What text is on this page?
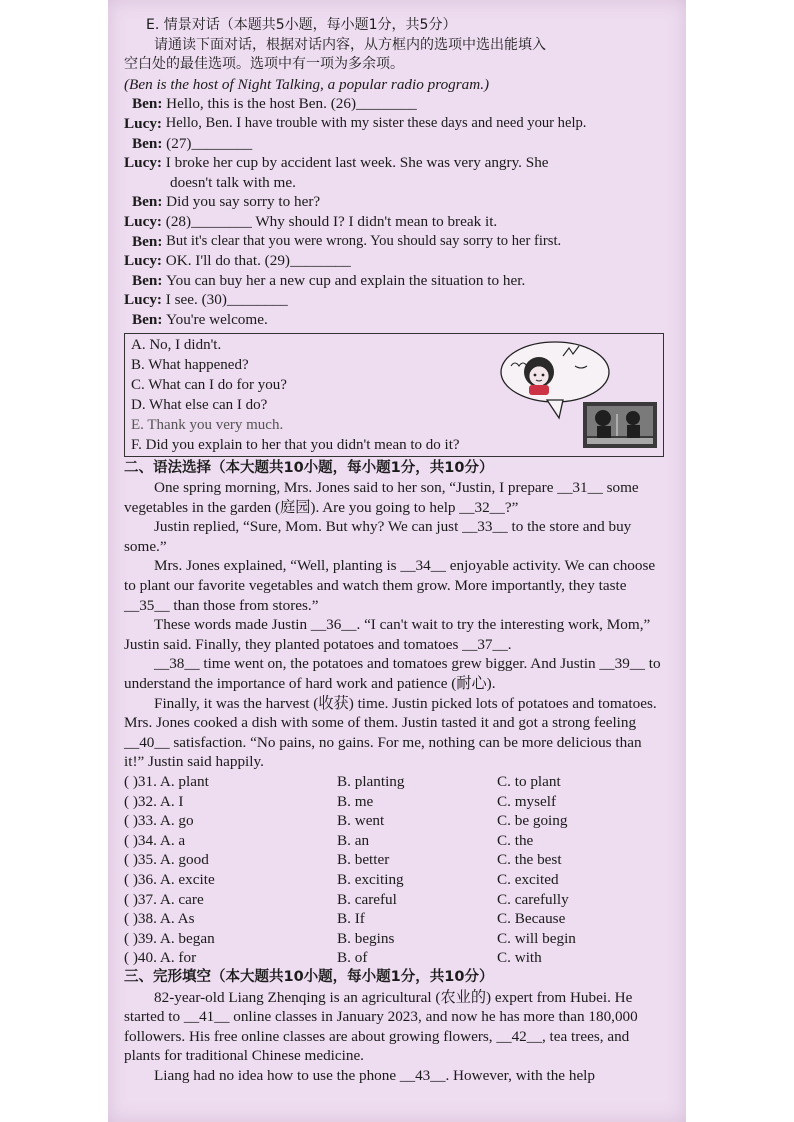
E. 情景对话（本题共5小题，每小题1分，共5分）

请通读下面对话，根据对话内容，从方框内的选项中选出能填入

空白处的最佳选项。选项中有一项为多余项。

(Ben is the host of Night Talking, a popular radio program.)

Ben:
Hello, this is the host Ben. (26)________
Lucy:
Hello, Ben. I have trouble with my sister these days and need your help.
Ben:
(27)________
Lucy:
I broke her cup by accident last week. She was very angry. She

doesn't talk with me.

Ben:
Did you say sorry to her?
Lucy:
(28)________ Why should I? I didn't mean to break it.
Ben:
But it's clear that you were wrong. You should say sorry to her first.
Lucy:
OK. I'll do that. (29)________
Ben:
You can buy her a new cup and explain the situation to her.
Lucy:
I see. (30)________
Ben:
You're welcome.
A. No, I didn't.
B. What happened?
C. What can I do for you?
D. What else can I do?
E. Thank you very much.
F. Did you explain to her that you didn't mean to do it?

二、语法选择（本大题共10小题，每小题1分，共10分）

One spring morning, Mrs. Jones said to her son, “Justin, I prepare __31__ some vegetables in the garden (庭园). Are you going to help __32__?”

Justin replied, “Sure, Mom. But why? We can just __33__ to the store and buy some.”

Mrs. Jones explained, “Well, planting is __34__ enjoyable activity. We can choose to plant our favorite vegetables and watch them grow. More importantly, they taste __35__ than those from stores.”

These words made Justin __36__. “I can't wait to try the interesting work, Mom,” Justin said. Finally, they planted potatoes and tomatoes __37__.

__38__ time went on, the potatoes and tomatoes grew bigger. And Justin __39__ to understand the importance of hard work and patience (耐心).

Finally, it was the harvest (收获) time. Justin picked lots of potatoes and tomatoes. Mrs. Jones cooked a dish with some of them. Justin tasted it and got a strong feeling __40__ satisfaction. “No pains, no gains. For me, nothing can be more delicious than it!” Justin said happily.

( )31. A. plant	B. planting	C. to plant
( )32. A. I	B. me	C. myself
( )33. A. go	B. went	C. be going
( )34. A. a	B. an	C. the
( )35. A. good	B. better	C. the best
( )36. A. excite	B. exciting	C. excited
( )37. A. care	B. careful	C. carefully
( )38. A. As	B. If	C. Because
( )39. A. began	B. begins	C. will begin
( )40. A. for	B. of	C. with

三、完形填空（本大题共10小题，每小题1分，共10分）

82-year-old Liang Zhenqing is an agricultural (农业的) expert from Hubei. He started to __41__ online classes in January 2023, and now he has more than 180,000 followers. His free online classes are about growing flowers, __42__, tea trees, and plants for traditional Chinese medicine.

Liang had no idea how to use the phone __43__. However, with the help
